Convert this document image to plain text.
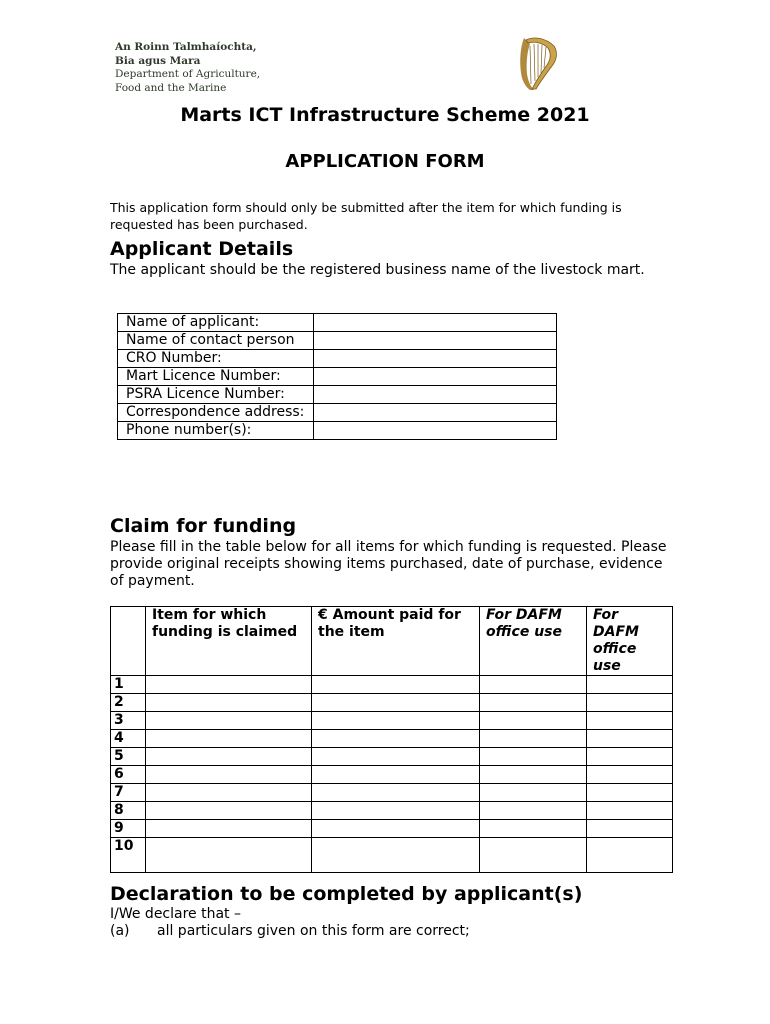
An Roinn Talmhaíochta,
Bia agus Mara
Department of Agriculture,
Food and the Marine
Marts ICT Infrastructure Scheme 2021
APPLICATION FORM

This application form should only be submitted after the item for which funding is requested has been purchased.

Applicant Details

The applicant should be the registered business name of the livestock mart.

Name of applicant:	
Name of contact person	
CRO Number:	
Mart Licence Number:	
PSRA Licence Number:	
Correspondence address:	
Phone number(s):	
Claim for funding

Please fill in the table below for all items for which funding is requested. Please provide original receipts showing items purchased, date of purchase, evidence of payment.

	Item for which funding is claimed	€ Amount paid for the item	For DAFM office use	For DAFM office use
1				
2				
3				
4				
5				
6				
7				
8				
9				
10				
Declaration to be completed by applicant(s)

I/We declare that –

(a) all particulars given on this form are correct;
